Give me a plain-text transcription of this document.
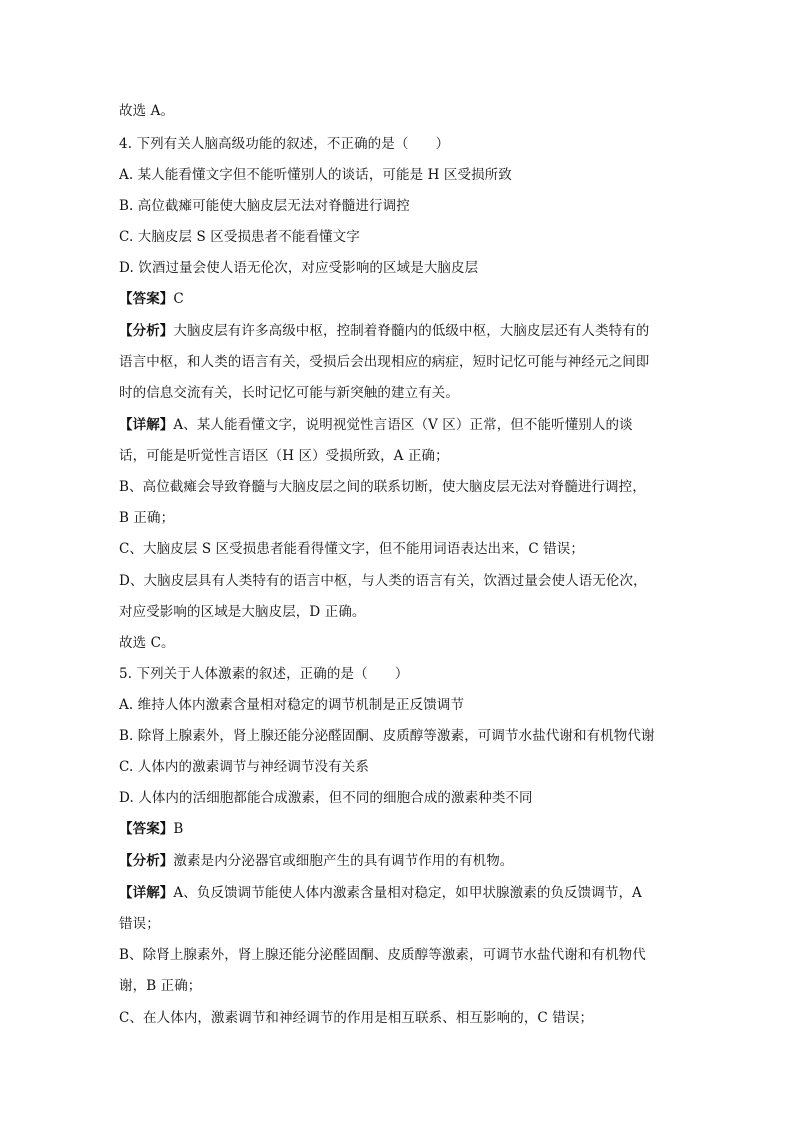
故选 A。
4. 下列有关人脑高级功能的叙述，不正确的是（　　）
A. 某人能看懂文字但不能听懂别人的谈话，可能是 H 区受损所致
B. 高位截瘫可能使大脑皮层无法对脊髓进行调控
C. 大脑皮层 S 区受损患者不能看懂文字
D. 饮酒过量会使人语无伦次，对应受影响的区域是大脑皮层
【答案】C
【分析】大脑皮层有许多高级中枢，控制着脊髓内的低级中枢，大脑皮层还有人类特有的
语言中枢，和人类的语言有关，受损后会出现相应的病症，短时记忆可能与神经元之间即
时的信息交流有关，长时记忆可能与新突触的建立有关。
【详解】A、某人能看懂文字，说明视觉性言语区（V 区）正常，但不能听懂别人的谈
话，可能是听觉性言语区（H 区）受损所致，A 正确；
B、高位截瘫会导致脊髓与大脑皮层之间的联系切断，使大脑皮层无法对脊髓进行调控，
B 正确；
C、大脑皮层 S 区受损患者能看得懂文字，但不能用词语表达出来，C 错误；
D、大脑皮层具有人类特有的语言中枢，与人类的语言有关，饮酒过量会使人语无伦次，
对应受影响的区域是大脑皮层，D 正确。
故选 C。
5. 下列关于人体激素的叙述，正确的是（　　）
A. 维持人体内激素含量相对稳定的调节机制是正反馈调节
B. 除肾上腺素外，肾上腺还能分泌醛固酮、皮质醇等激素，可调节水盐代谢和有机物代谢
C. 人体内的激素调节与神经调节没有关系
D. 人体内的活细胞都能合成激素，但不同的细胞合成的激素种类不同
【答案】B
【分析】激素是内分泌器官或细胞产生的具有调节作用的有机物。
【详解】A、负反馈调节能使人体内激素含量相对稳定，如甲状腺激素的负反馈调节，A
错误；
B、除肾上腺素外，肾上腺还能分泌醛固酮、皮质醇等激素，可调节水盐代谢和有机物代
谢，B 正确；
C、在人体内，激素调节和神经调节的作用是相互联系、相互影响的，C 错误；
